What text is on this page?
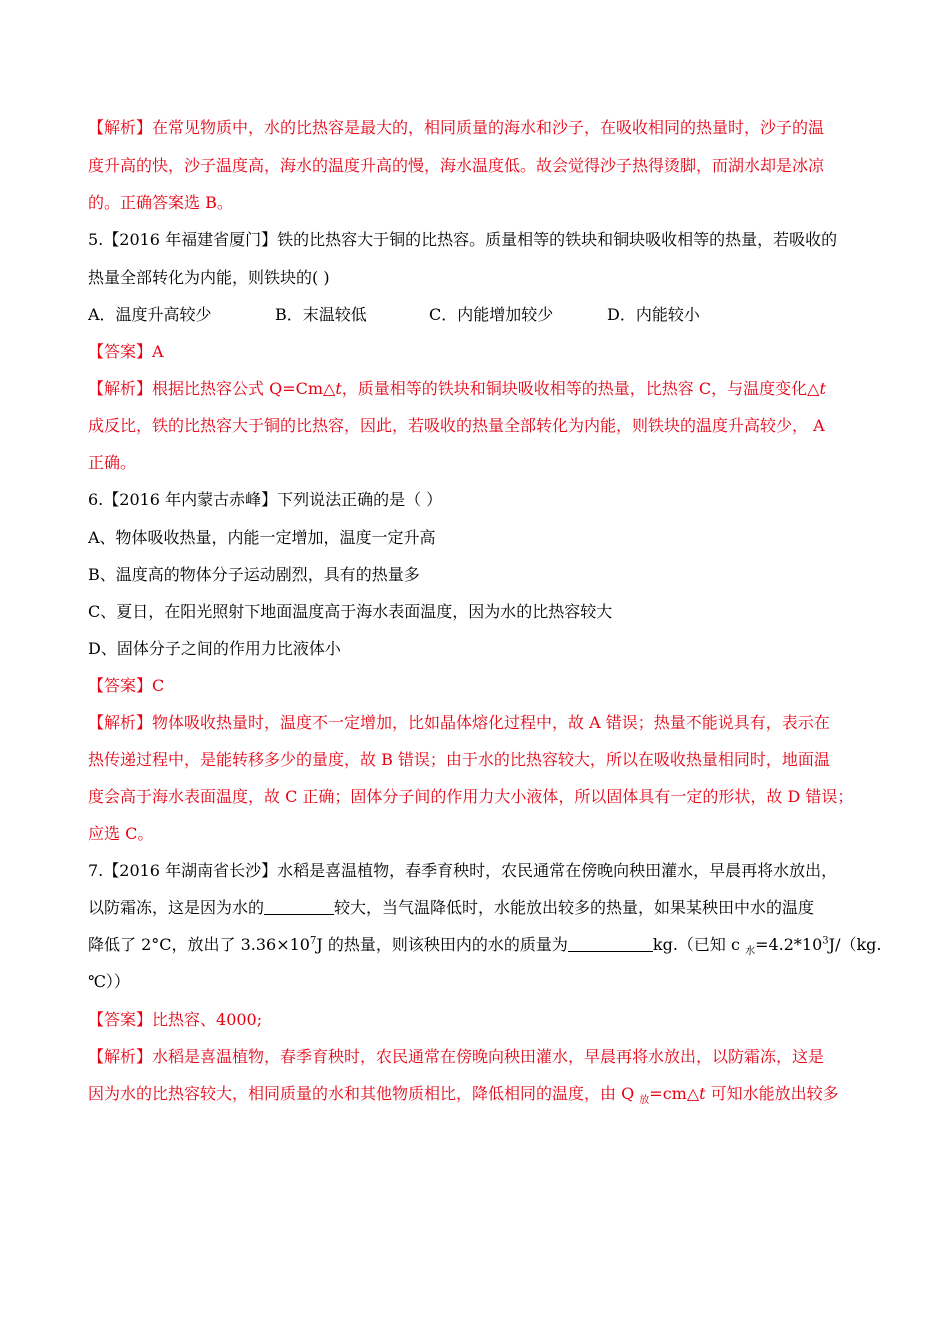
【解析】在常见物质中，水的比热容是最大的，相同质量的海水和沙子，在吸收相同的热量时，沙子的温
度升高的快，沙子温度高，海水的温度升高的慢，海水温度低。故会觉得沙子热得烫脚，而湖水却是冰凉
的。正确答案选 B。
5.【2016 年福建省厦门】铁的比热容大于铜的比热容。质量相等的铁块和铜块吸收相等的热量，若吸收的
热量全部转化为内能，则铁块的( )
A．温度升高较少	B．末温较低	C．内能增加较少	D．内能较小
【答案】A
【解析】根据比热容公式 Q=Cm△t，质量相等的铁块和铜块吸收相等的热量，比热容 C，与温度变化△t
成反比，铁的比热容大于铜的比热容，因此，若吸收的热量全部转化为内能，则铁块的温度升高较少， A
正确。
6.【2016 年内蒙古赤峰】下列说法正确的是（ ）
A、物体吸收热量，内能一定增加，温度一定升高
B、温度高的物体分子运动剧烈，具有的热量多
C、夏日，在阳光照射下地面温度高于海水表面温度，因为水的比热容较大
D、固体分子之间的作用力比液体小
【答案】C
【解析】物体吸收热量时，温度不一定增加，比如晶体熔化过程中，故 A 错误；热量不能说具有，表示在
热传递过程中，是能转移多少的量度，故 B 错误；由于水的比热容较大，所以在吸收热量相同时，地面温
度会高于海水表面温度，故 C 正确；固体分子间的作用力大小液体，所以固体具有一定的形状，故 D 错误；
应选 C。
7.【2016 年湖南省长沙】水稻是喜温植物，春季育秧时，农民通常在傍晚向秧田灌水，早晨再将水放出，
以防霜冻，这是因为水的	较大，当气温降低时，水能放出较多的热量，如果某秧田中水的温度
降低了 2°C，放出了 $3.36\times 10^7J$ 的热量，则该秧田内的水的质量为	kg.（已知 c $_水=4.2*10^3J/(kg$.
℃））
【答案】比热容、4000;
【解析】水稻是喜温植物，春季育秧时，农民通常在傍晚向秧田灌水，早晨再将水放出，以防霜冻，这是
因为水的比热容较大，相同质量的水和其他物质相比，降低相同的温度，由 Q $_放$=cm△t 可知水能放出较多
